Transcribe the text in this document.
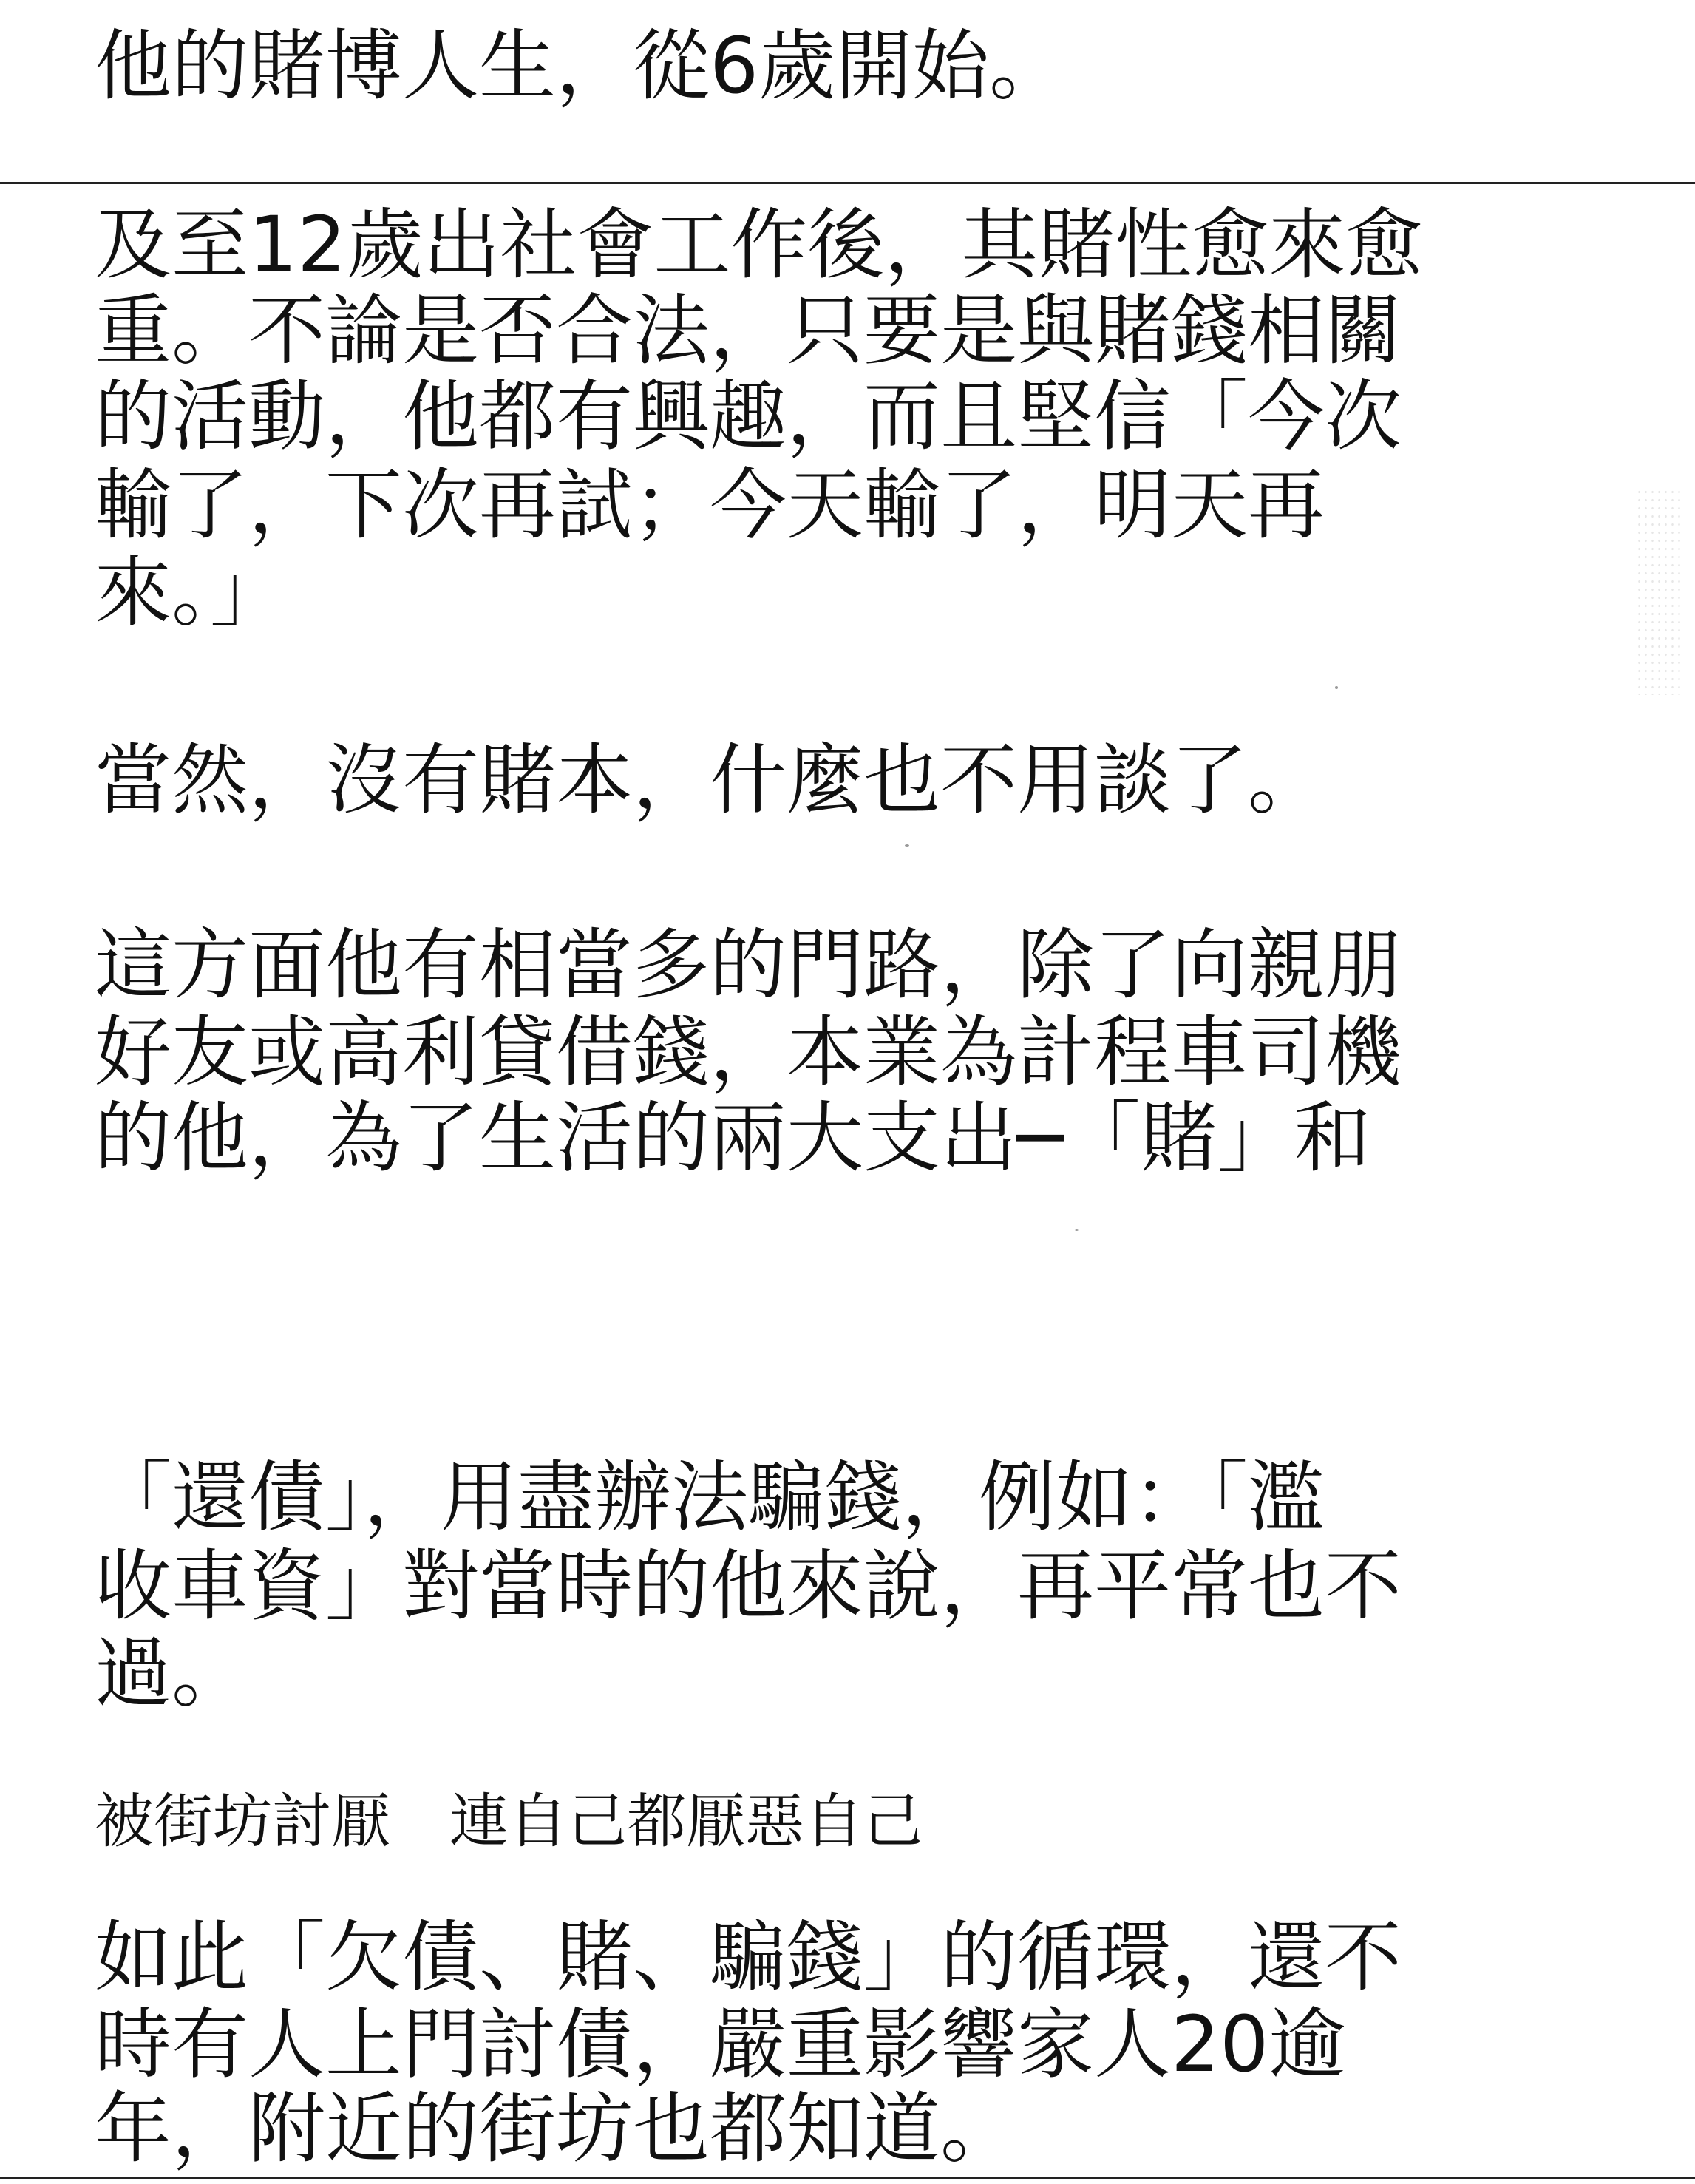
他的賭博人生，從6歲開始。
及至12歲出社會工作後，其賭性愈來愈
重。不論是否合法，只要是與賭錢相關
的活動，他都有興趣，而且堅信「今次
輸了，下次再試；今天輸了，明天再
來。」
當然，沒有賭本，什麼也不用談了。
這方面他有相當多的門路，除了向親朋
好友或高利貸借錢，本業為計程車司機
的他，為了生活的兩大支出─「賭」和
「還債」，用盡辦法騙錢，例如：「濫
收車資」對當時的他來說，再平常也不
過。
被街坊討厭　連自己都厭惡自己
如此「欠債、賭、騙錢」的循環，還不
時有人上門討債，嚴重影響家人20逾
年，附近的街坊也都知道。
